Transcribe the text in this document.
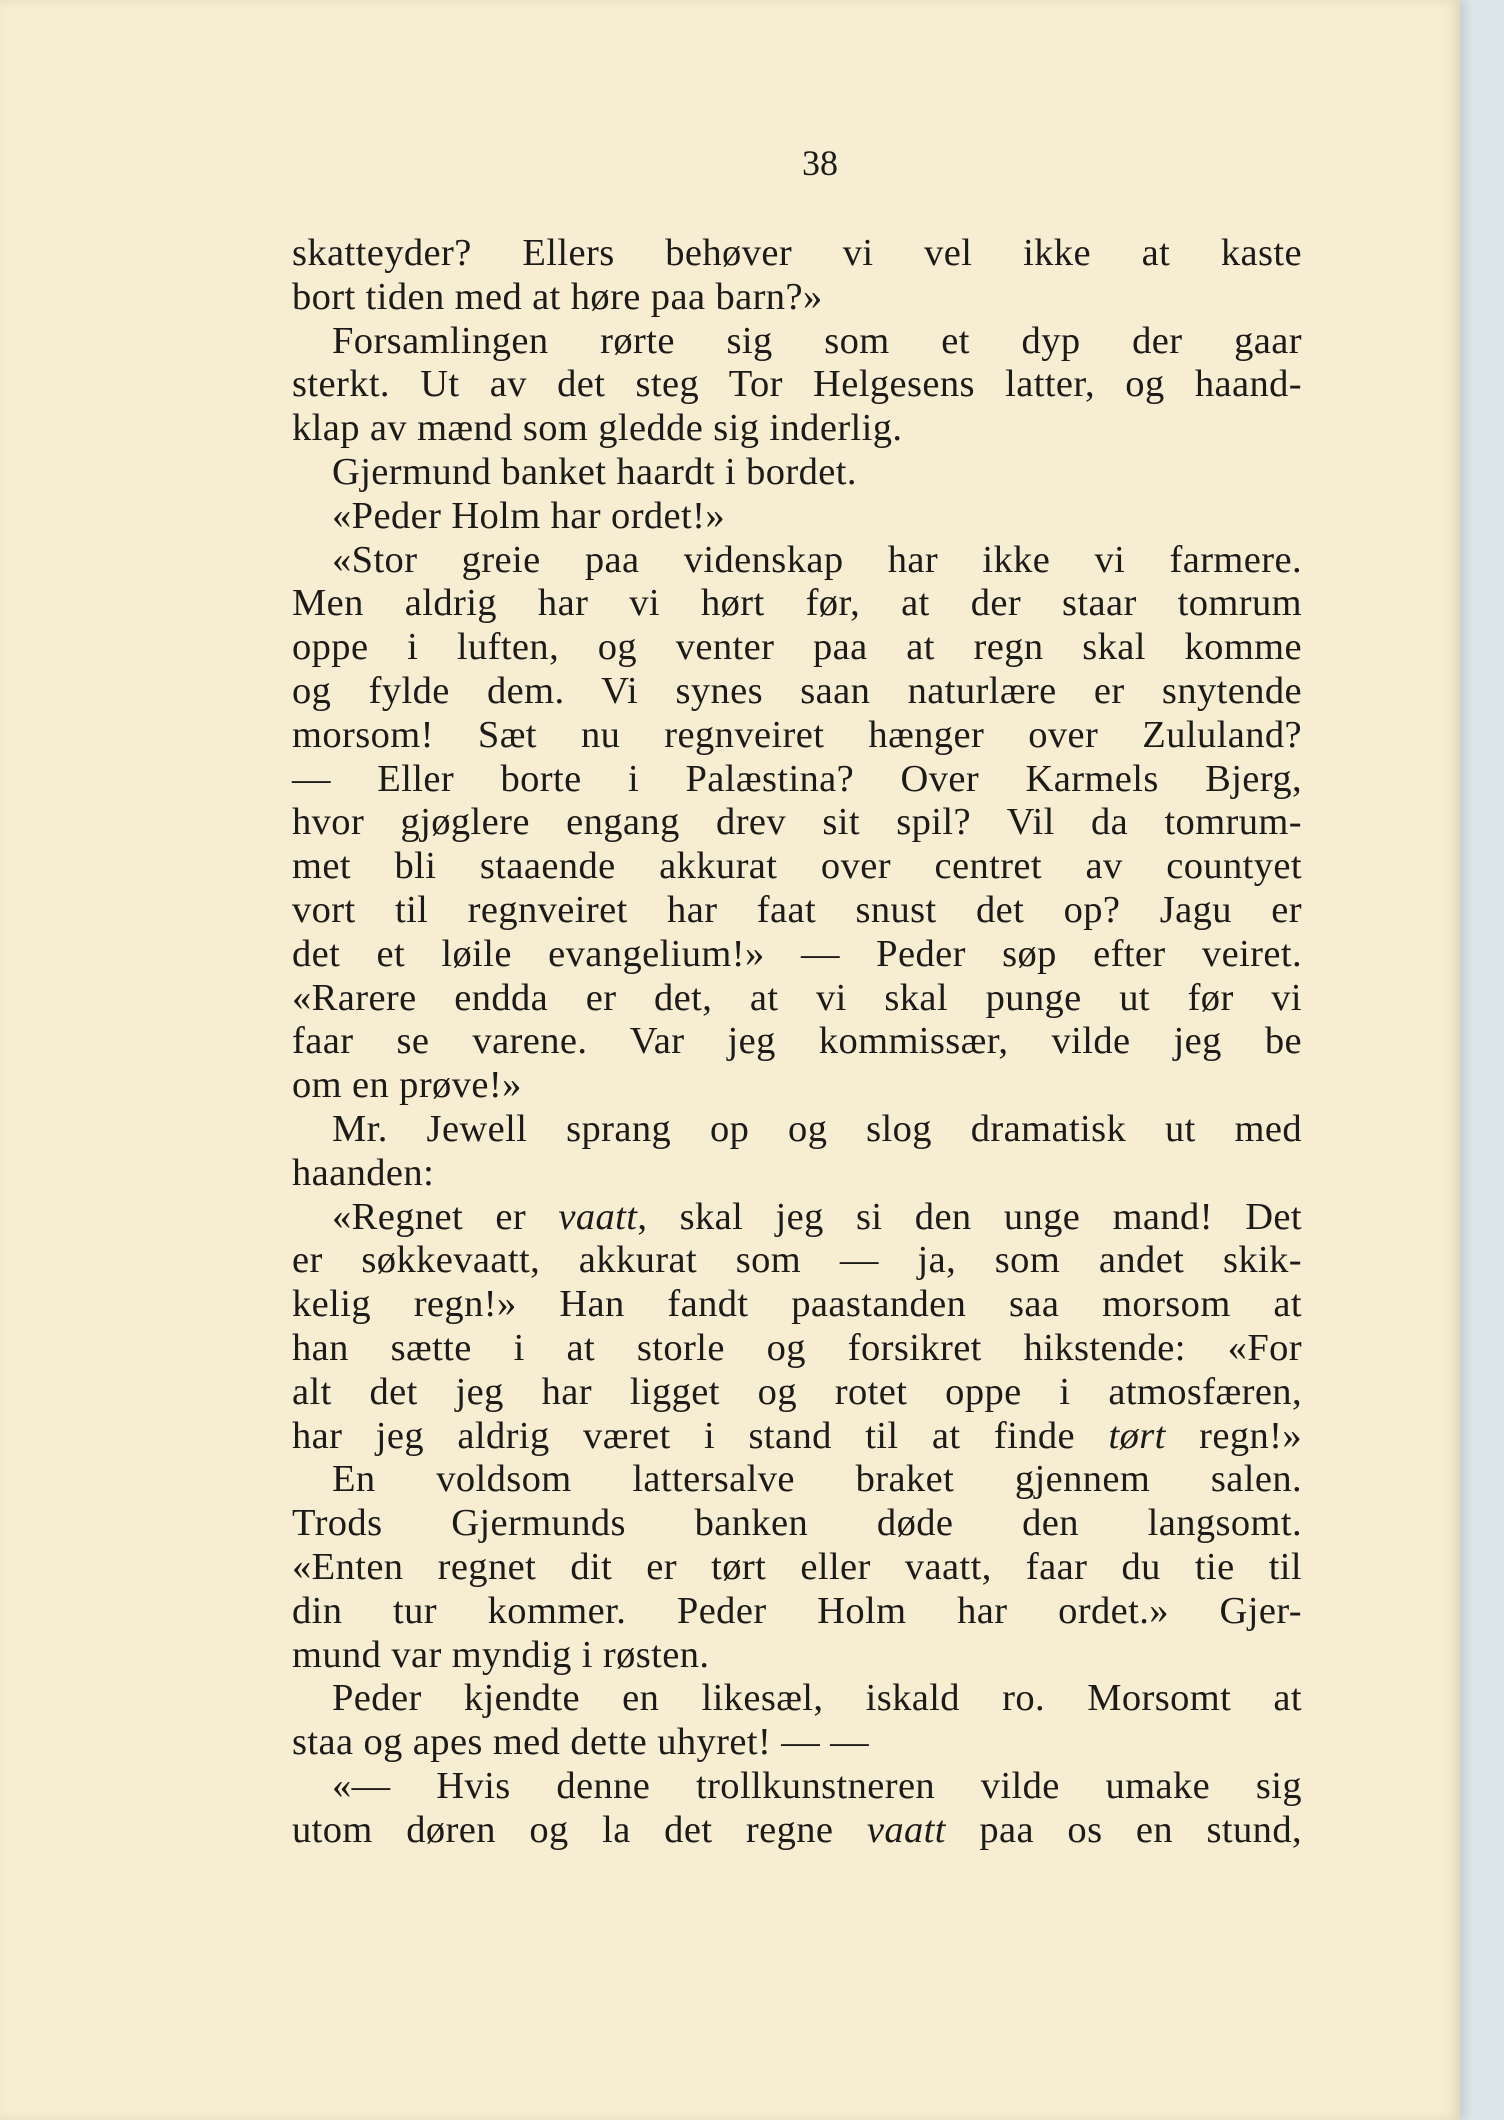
38
skatteyder? Ellers behøver vi vel ikke at kaste
bort tiden med at høre paa barn?»
Forsamlingen rørte sig som et dyp der gaar
sterkt. Ut av det steg Tor Helgesens latter, og haand-
klap av mænd som gledde sig inderlig.
Gjermund banket haardt i bordet.
«Peder Holm har ordet!»
«Stor greie paa videnskap har ikke vi farmere.
Men aldrig har vi hørt før, at der staar tomrum
oppe i luften, og venter paa at regn skal komme
og fylde dem. Vi synes saan naturlære er snytende
morsom! Sæt nu regnveiret hænger over Zululand?
— Eller borte i Palæstina? Over Karmels Bjerg,
hvor gjøglere engang drev sit spil? Vil da tomrum-
met bli staaende akkurat over centret av countyet
vort til regnveiret har faat snust det op? Jagu er
det et løile evangelium!» — Peder søp efter veiret.
«Rarere endda er det, at vi skal punge ut før vi
faar se varene. Var jeg kommissær, vilde jeg be
om en prøve!»
Mr. Jewell sprang op og slog dramatisk ut med
haanden:
«Regnet er vaatt, skal jeg si den unge mand! Det
er søkkevaatt, akkurat som — ja, som andet skik-
kelig regn!» Han fandt paastanden saa morsom at
han sætte i at storle og forsikret hikstende: «For
alt det jeg har ligget og rotet oppe i atmosfæren,
har jeg aldrig været i stand til at finde tørt regn!»
En voldsom lattersalve braket gjennem salen.
Trods Gjermunds banken døde den langsomt.
«Enten regnet dit er tørt eller vaatt, faar du tie til
din tur kommer. Peder Holm har ordet.» Gjer-
mund var myndig i røsten.
Peder kjendte en likesæl, iskald ro. Morsomt at
staa og apes med dette uhyret! — —
«— Hvis denne trollkunstneren vilde umake sig
utom døren og la det regne vaatt paa os en stund,
